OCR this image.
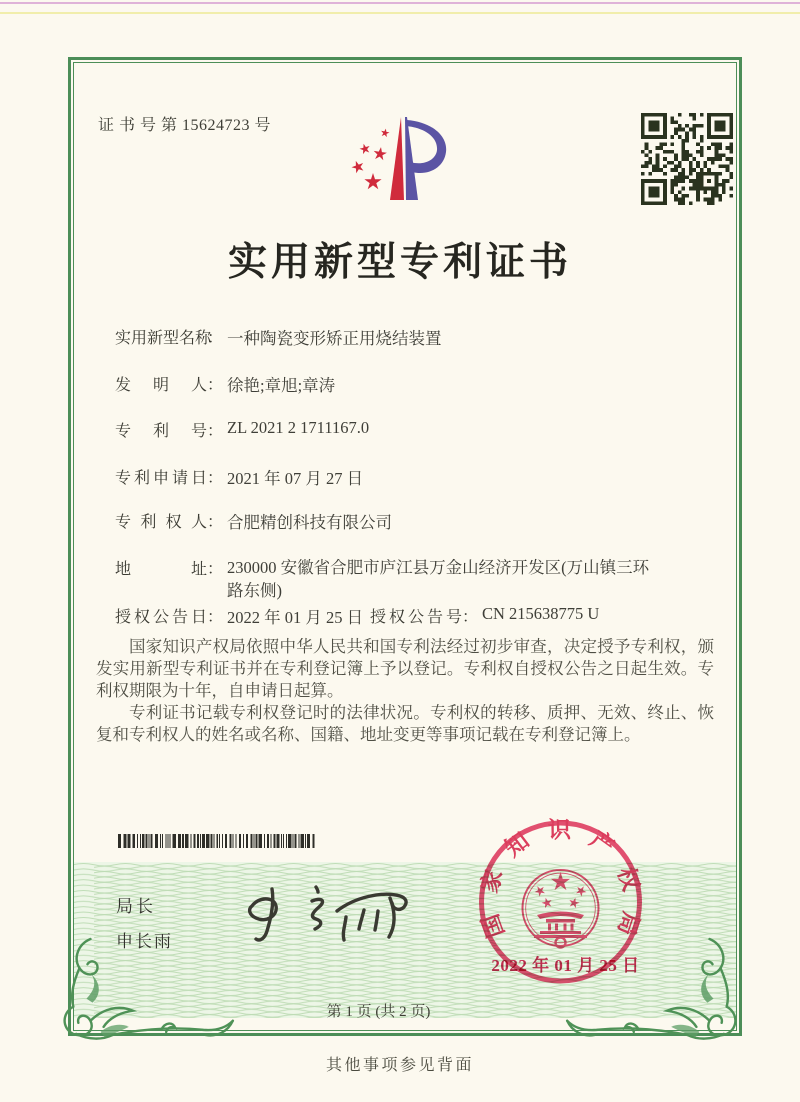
证 书 号 第 15624723 号
实用新型专利证书
实用新型名称： 一种陶瓷变形矫正用烧结装置
发明人： 徐艳;章旭;章涛
专利号： ZL 2021 2 1711167.0
专利申请日： 2021 年 07 月 27 日
专利权人： 合肥精创科技有限公司
地址： 230000 安徽省合肥市庐江县万金山经济开发区(万山镇三环路东侧)
授权公告日： 2022 年 01 月 25 日 授权公告号： CN 215638775 U

国家知识产权局依照中华人民共和国专利法经过初步审查，决定授予专利权，颁发实用新型专利证书并在专利登记簿上予以登记。专利权自授权公告之日起生效。专利权期限为十年，自申请日起算。

专利证书记载专利权登记时的法律状况。专利权的转移、质押、无效、终止、恢复和专利权人的姓名或名称、国籍、地址变更等事项记载在专利登记簿上。

局长
申长雨
国家知识产权局
2022 年 01 月 25 日
第 1 页 (共 2 页)
其他事项参见背面
